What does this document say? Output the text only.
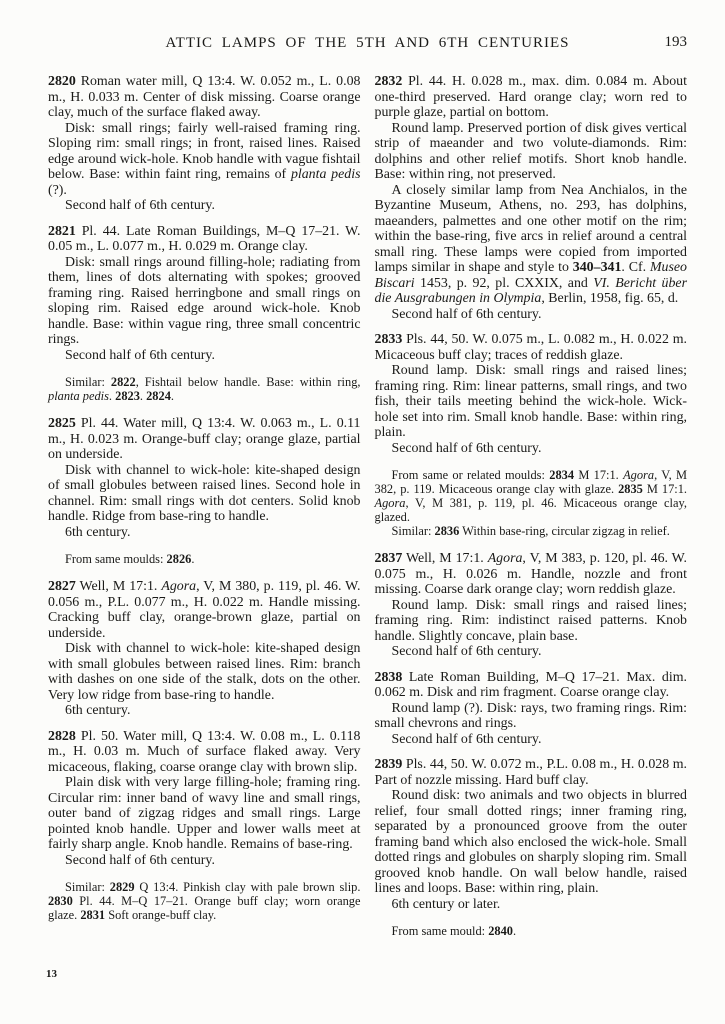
ATTIC LAMPS OF THE 5TH AND 6TH CENTURIES	193

2820 Roman water mill, Q 13:4. W. 0.052 m., L. 0.08 m., H. 0.033 m. Center of disk missing. Coarse orange clay, much of the surface flaked away.

Disk: small rings; fairly well-raised framing ring. Sloping rim: small rings; in front, raised lines. Raised edge around wick-hole. Knob handle with vague fishtail below. Base: within faint ring, remains of planta pedis (?).

Second half of 6th century.

2821 Pl. 44. Late Roman Buildings, M–Q 17–21. W. 0.05 m., L. 0.077 m., H. 0.029 m. Orange clay.

Disk: small rings around filling-hole; radiating from them, lines of dots alternating with spokes; grooved framing ring. Raised herringbone and small rings on sloping rim. Raised edge around wick-hole. Knob handle. Base: within vague ring, three small concentric rings.

Second half of 6th century.

Similar: 2822, Fishtail below handle. Base: within ring, planta pedis. 2823. 2824.

2825 Pl. 44. Water mill, Q 13:4. W. 0.063 m., L. 0.11 m., H. 0.023 m. Orange-buff clay; orange glaze, partial on underside.

Disk with channel to wick-hole: kite-shaped design of small globules between raised lines. Second hole in channel. Rim: small rings with dot centers. Solid knob handle. Ridge from base-ring to handle.

6th century.

From same moulds: 2826.

2827 Well, M 17:1. Agora, V, M 380, p. 119, pl. 46. W. 0.056 m., P.L. 0.077 m., H. 0.022 m. Handle missing. Cracking buff clay, orange-brown glaze, partial on underside.

Disk with channel to wick-hole: kite-shaped design with small globules between raised lines. Rim: branch with dashes on one side of the stalk, dots on the other. Very low ridge from base-ring to handle.

6th century.

2828 Pl. 50. Water mill, Q 13:4. W. 0.08 m., L. 0.118 m., H. 0.03 m. Much of surface flaked away. Very micaceous, flaking, coarse orange clay with brown slip.

Plain disk with very large filling-hole; framing ring. Circular rim: inner band of wavy line and small rings, outer band of zigzag ridges and small rings. Large pointed knob handle. Upper and lower walls meet at fairly sharp angle. Knob handle. Remains of base-ring.

Second half of 6th century.

Similar: 2829 Q 13:4. Pinkish clay with pale brown slip. 2830 Pl. 44. M–Q 17–21. Orange buff clay; worn orange glaze. 2831 Soft orange-buff clay.

2832 Pl. 44. H. 0.028 m., max. dim. 0.084 m. About one-third preserved. Hard orange clay; worn red to purple glaze, partial on bottom.

Round lamp. Preserved portion of disk gives vertical strip of maeander and two volute-diamonds. Rim: dolphins and other relief motifs. Short knob handle. Base: within ring, not preserved.

A closely similar lamp from Nea Anchialos, in the Byzantine Museum, Athens, no. 293, has dolphins, maeanders, palmettes and one other motif on the rim; within the base-ring, five arcs in relief around a central small ring. These lamps were copied from imported lamps similar in shape and style to 340–341. Cf. Museo Biscari 1453, p. 92, pl. CXXIX, and VI. Bericht über die Ausgrabungen in Olympia, Berlin, 1958, fig. 65, d.

Second half of 6th century.

2833 Pls. 44, 50. W. 0.075 m., L. 0.082 m., H. 0.022 m. Micaceous buff clay; traces of reddish glaze.

Round lamp. Disk: small rings and raised lines; framing ring. Rim: linear patterns, small rings, and two fish, their tails meeting behind the wick-hole. Wick-hole set into rim. Small knob handle. Base: within ring, plain.

Second half of 6th century.

From same or related moulds: 2834 M 17:1. Agora, V, M 382, p. 119. Micaceous orange clay with glaze. 2835 M 17:1. Agora, V, M 381, p. 119, pl. 46. Micaceous orange clay, glazed.

Similar: 2836 Within base-ring, circular zigzag in relief.

2837 Well, M 17:1. Agora, V, M 383, p. 120, pl. 46. W. 0.075 m., H. 0.026 m. Handle, nozzle and front missing. Coarse dark orange clay; worn reddish glaze.

Round lamp. Disk: small rings and raised lines; framing ring. Rim: indistinct raised patterns. Knob handle. Slightly concave, plain base.

Second half of 6th century.

2838 Late Roman Building, M–Q 17–21. Max. dim. 0.062 m. Disk and rim fragment. Coarse orange clay.

Round lamp (?). Disk: rays, two framing rings. Rim: small chevrons and rings.

Second half of 6th century.

2839 Pls. 44, 50. W. 0.072 m., P.L. 0.08 m., H. 0.028 m. Part of nozzle missing. Hard buff clay.

Round disk: two animals and two objects in blurred relief, four small dotted rings; inner framing ring, separated by a pronounced groove from the outer framing band which also enclosed the wick-hole. Small dotted rings and globules on sharply sloping rim. Small grooved knob handle. On wall below handle, raised lines and loops. Base: within ring, plain.

6th century or later.

From same mould: 2840.

13
